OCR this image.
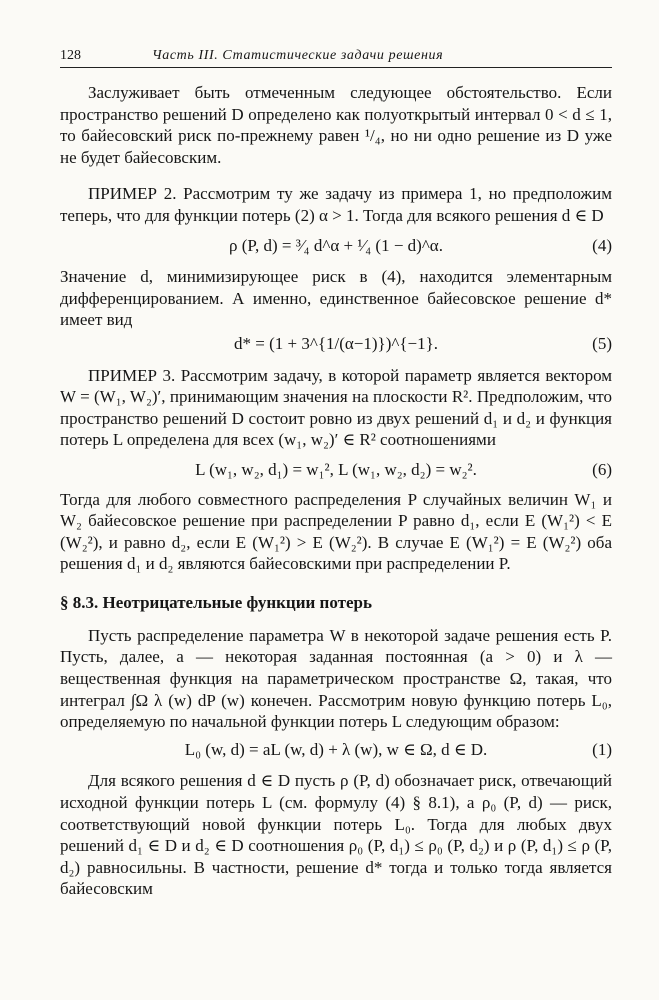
128	Часть III. Статистические задачи решения

Заслуживает быть отмеченным следующее обстоятельство. Если пространство решений D определено как полуоткрытый интервал 0 < d ≤ 1, то байесовский риск по-прежнему равен ¹/₄, но ни одно решение из D уже не будет байесовским.

ПРИМЕР 2. Рассмотрим ту же задачу из примера 1, но предположим теперь, что для функции потерь (2) α > 1. Тогда для всякого решения d ∈ D

ρ (P, d) = ³⁄₄ d^α + ¹⁄₄ (1 − d)^α.	(4)

Значение d, минимизирующее риск в (4), находится элементарным дифференцированием. А именно, единственное байесовское решение d* имеет вид

d* = (1 + 3^{1/(α−1)})^{−1}.	(5)

ПРИМЕР 3. Рассмотрим задачу, в которой параметр является вектором W = (W₁, W₂)′, принимающим значения на плоскости R². Предположим, что пространство решений D состоит ровно из двух решений d₁ и d₂ и функция потерь L определена для всех (w₁, w₂)′ ∈ R² соотношениями

L (w₁, w₂, d₁) = w₁², L (w₁, w₂, d₂) = w₂².	(6)

Тогда для любого совместного распределения P случайных величин W₁ и W₂ байесовское решение при распределении P равно d₁, если E (W₁²) < E (W₂²), и равно d₂, если E (W₁²) > E (W₂²). В случае E (W₁²) = E (W₂²) оба решения d₁ и d₂ являются байесовскими при распределении P.

§ 8.3. Неотрицательные функции потерь

Пусть распределение параметра W в некоторой задаче решения есть P. Пусть, далее, a — некоторая заданная постоянная (a > 0) и λ — вещественная функция на параметрическом пространстве Ω, такая, что интеграл ∫Ω λ (w) dP (w) конечен. Рассмотрим новую функцию потерь L₀, определяемую по начальной функции потерь L следующим образом:

L₀ (w, d) = aL (w, d) + λ (w), w ∈ Ω, d ∈ D.	(1)

Для всякого решения d ∈ D пусть ρ (P, d) обозначает риск, отвечающий исходной функции потерь L (см. формулу (4) § 8.1), а ρ₀ (P, d) — риск, соответствующий новой функции потерь L₀. Тогда для любых двух решений d₁ ∈ D и d₂ ∈ D соотношения ρ₀ (P, d₁) ≤ ρ₀ (P, d₂) и ρ (P, d₁) ≤ ρ (P, d₂) равносильны. В частности, решение d* тогда и только тогда является байесовским
